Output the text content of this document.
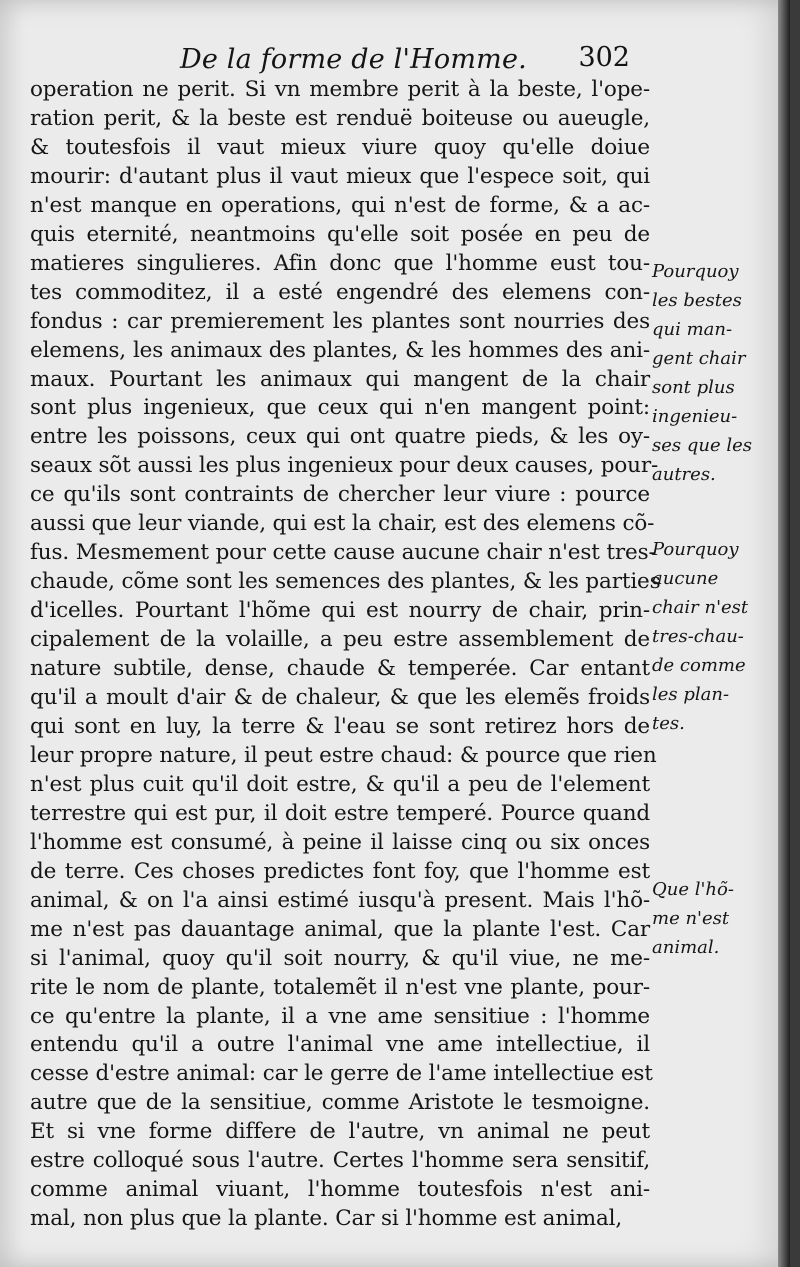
De la forme de l'Homme. 302
operation ne perit. Si vn membre perit à la beste, l'ope-
ration perit, & la beste est renduë boiteuse ou aueugle,
& toutesfois il vaut mieux viure quoy qu'elle doiue
mourir: d'autant plus il vaut mieux que l'espece soit, qui
n'est manque en operations, qui n'est de forme, & a ac-
quis eternité, neantmoins qu'elle soit posée en peu de
matieres singulieres. Afin donc que l'homme eust tou-
tes commoditez, il a esté engendré des elemens con-
fondus : car premierement les plantes sont nourries des
elemens, les animaux des plantes, & les hommes des ani-
maux. Pourtant les animaux qui mangent de la chair
sont plus ingenieux, que ceux qui n'en mangent point:
entre les poissons, ceux qui ont quatre pieds, & les oy-
seaux sõt aussi les plus ingenieux pour deux causes, pour-
ce qu'ils sont contraints de chercher leur viure : pource
aussi que leur viande, qui est la chair, est des elemens cõ-
fus. Mesmement pour cette cause aucune chair n'est tres-
chaude, cõme sont les semences des plantes, & les parties
d'icelles. Pourtant l'hõme qui est nourry de chair, prin-
cipalement de la volaille, a peu estre assemblement de
nature subtile, dense, chaude & temperée. Car entant
qu'il a moult d'air & de chaleur, & que les elemẽs froids
qui sont en luy, la terre & l'eau se sont retirez hors de
leur propre nature, il peut estre chaud: & pource que rien
n'est plus cuit qu'il doit estre, & qu'il a peu de l'element
terrestre qui est pur, il doit estre temperé. Pource quand
l'homme est consumé, à peine il laisse cinq ou six onces
de terre. Ces choses predictes font foy, que l'homme est
animal, & on l'a ainsi estimé iusqu'à present. Mais l'hõ-
me n'est pas dauantage animal, que la plante l'est. Car
si l'animal, quoy qu'il soit nourry, & qu'il viue, ne me-
rite le nom de plante, totalemẽt il n'est vne plante, pour-
ce qu'entre la plante, il a vne ame sensitiue : l'homme
entendu qu'il a outre l'animal vne ame intellectiue, il
cesse d'estre animal: car le gerre de l'ame intellectiue est
autre que de la sensitiue, comme Aristote le tesmoigne.
Et si vne forme differe de l'autre, vn animal ne peut
estre colloqué sous l'autre. Certes l'homme sera sensitif,
comme animal viuant, l'homme toutesfois n'est ani-
mal, non plus que la plante. Car si l'homme est animal,
Pourquoy
les bestes
qui man-
gent chair
sont plus
ingenieu-
ses que les
autres.
Pourquoy
aucune
chair n'est
tres-chau-
de comme
les plan-
tes.
Que l'hõ-
me n'est
animal.
